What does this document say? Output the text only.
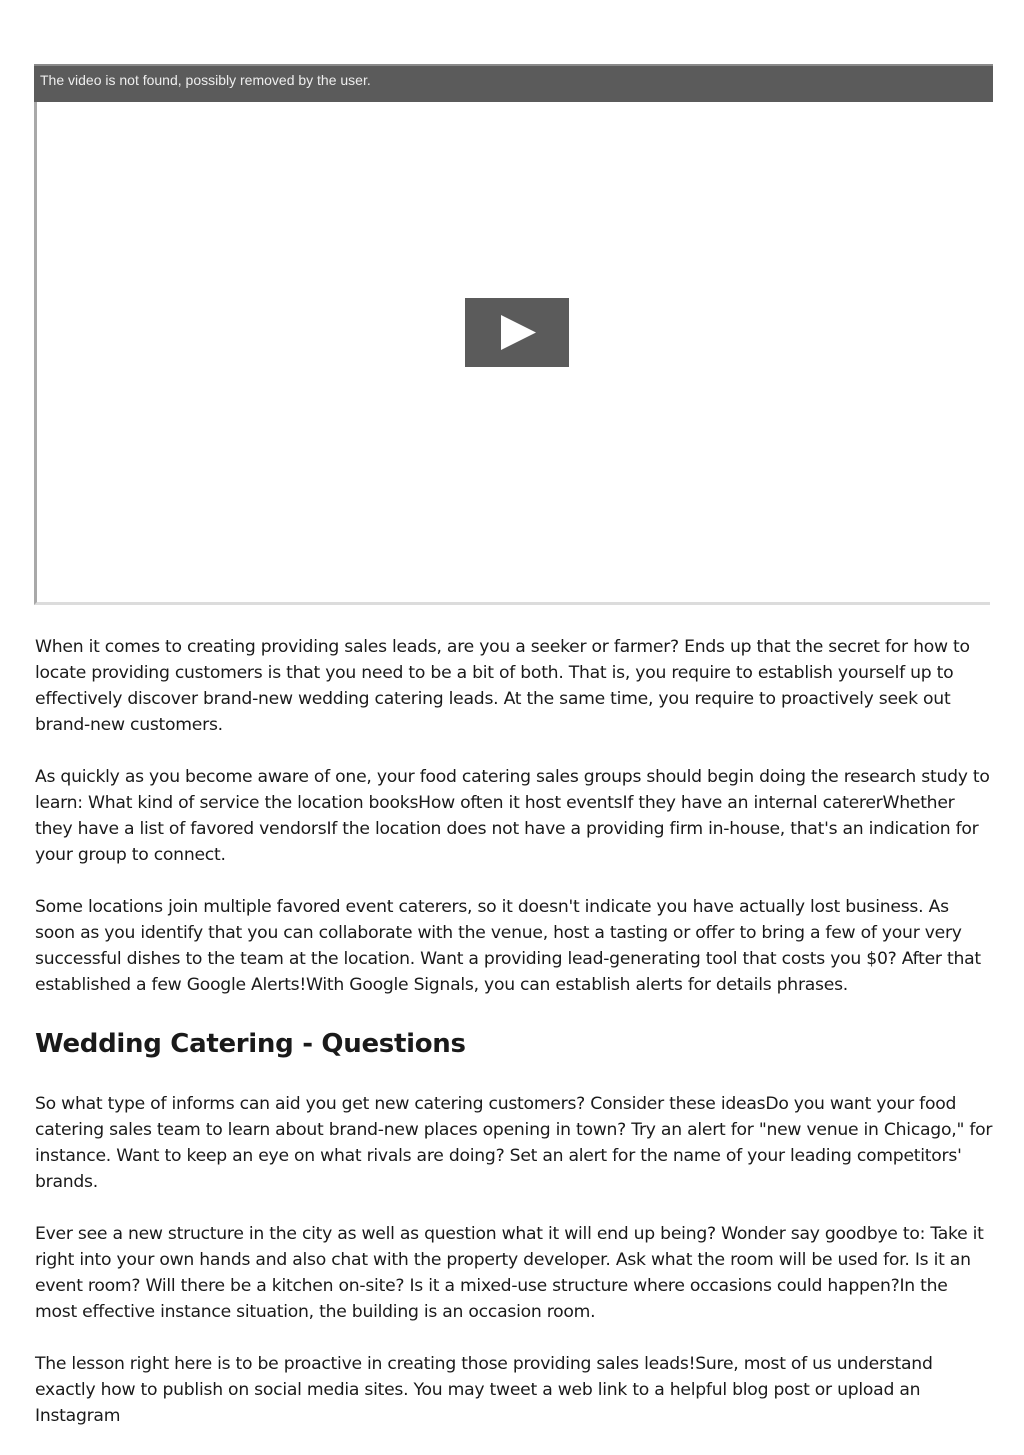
The video is not found, possibly removed by the user.

When it comes to creating providing sales leads, are you a seeker or farmer? Ends up that the secret for how to locate providing customers is that you need to be a bit of both. That is, you require to establish yourself up to effectively discover brand-new wedding catering leads. At the same time, you require to proactively seek out brand-new customers.

As quickly as you become aware of one, your food catering sales groups should begin doing the research study to learn: What kind of service the location booksHow often it host eventsIf they have an internal catererWhether they have a list of favored vendorsIf the location does not have a providing firm in-house, that's an indication for your group to connect.

Some locations join multiple favored event caterers, so it doesn't indicate you have actually lost business. As soon as you identify that you can collaborate with the venue, host a tasting or offer to bring a few of your very successful dishes to the team at the location. Want a providing lead-generating tool that costs you $0? After that established a few Google Alerts!With Google Signals, you can establish alerts for details phrases.

Wedding Catering - Questions

So what type of informs can aid you get new catering customers? Consider these ideasDo you want your food catering sales team to learn about brand-new places opening in town? Try an alert for "new venue in Chicago," for instance. Want to keep an eye on what rivals are doing? Set an alert for the name of your leading competitors' brands.

Ever see a new structure in the city as well as question what it will end up being? Wonder say goodbye to: Take it right into your own hands and also chat with the property developer. Ask what the room will be used for. Is it an event room? Will there be a kitchen on-site? Is it a mixed-use structure where occasions could happen?In the most effective instance situation, the building is an occasion room.

The lesson right here is to be proactive in creating those providing sales leads!Sure, most of us understand exactly how to publish on social media sites. You may tweet a web link to a helpful blog post or upload an Instagram
